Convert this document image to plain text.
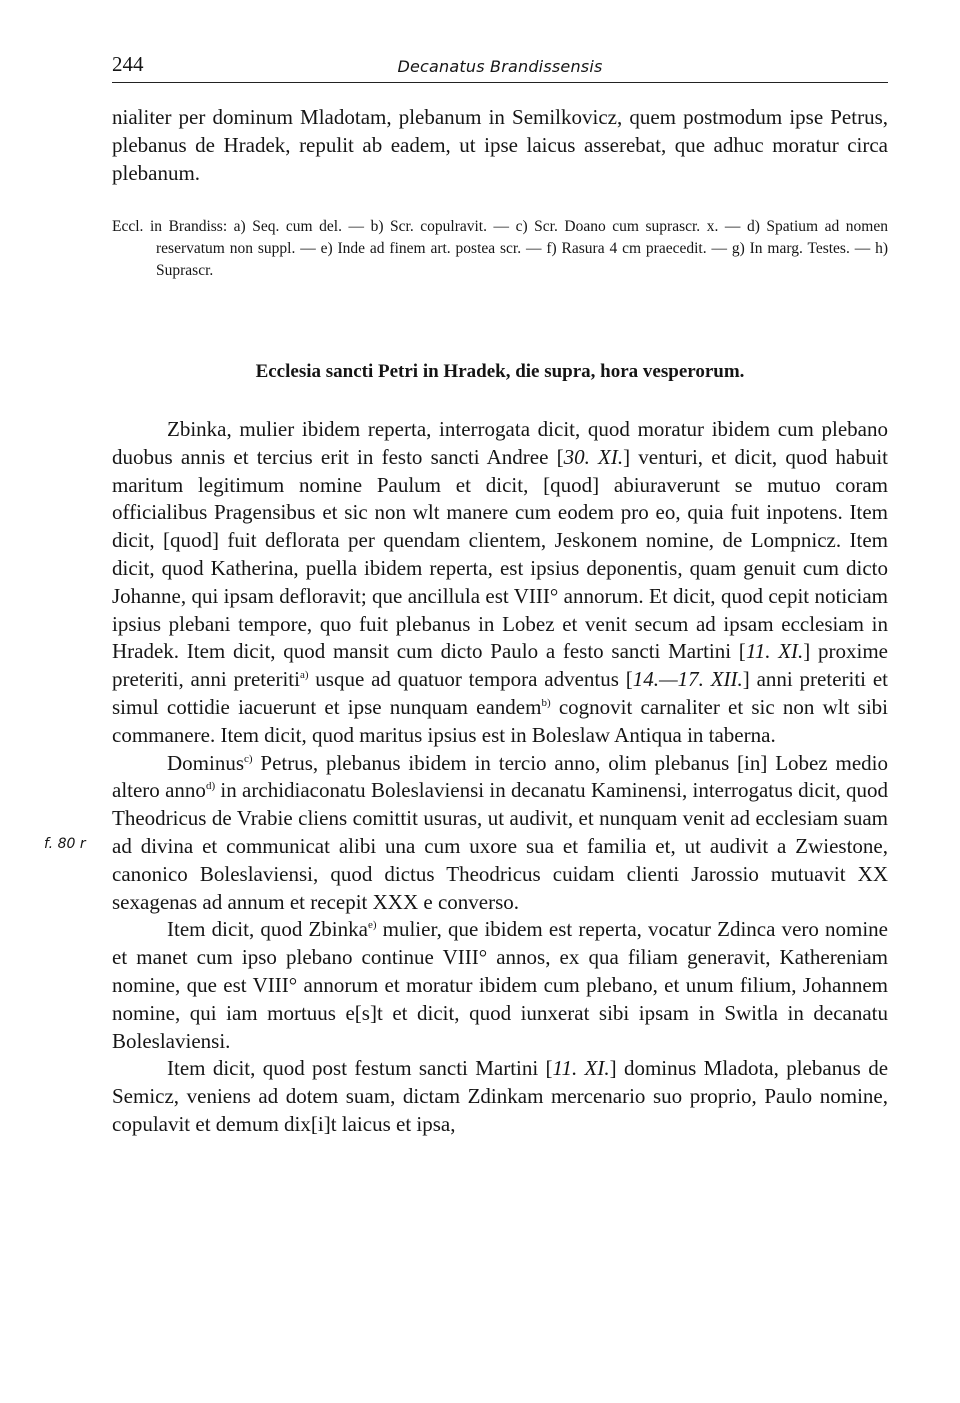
244	Decanatus Brandissensis

nialiter per dominum Mladotam, plebanum in Semilkovicz, quem postmodum ipse Petrus, plebanus de Hradek, repulit ab eadem, ut ipse laicus asserebat, que adhuc moratur circa plebanum.

Eccl. in Brandiss: a) Seq. cum del. — b) Scr. copulravit. — c) Scr. Doano cum suprascr. x. — d) Spatium ad nomen reservatum non suppl. — e) Inde ad finem art. postea scr. — f) Rasura 4 cm praecedit. — g) In marg. Testes. — h) Suprascr.

Ecclesia sancti Petri in Hradek, die supra, hora vesperorum.
f. 80 r

Zbinka, mulier ibidem reperta, interrogata dicit, quod moratur ibidem cum plebano duobus annis et tercius erit in festo sancti Andree [30. XI.] venturi, et dicit, quod habuit maritum legitimum nomine Paulum et dicit, [quod] abiuraverunt se mutuo coram officialibus Pragensibus et sic non wlt manere cum eodem pro eo, quia fuit inpotens. Item dicit, [quod] fuit deflorata per quendam clientem, Jeskonem nomine, de Lompnicz. Item dicit, quod Katherina, puella ibidem reperta, est ipsius deponentis, quam genuit cum dicto Johanne, qui ipsam defloravit; que ancillula est VIII° annorum. Et dicit, quod cepit noticiam ipsius plebani tempore, quo fuit plebanus in Lobez et venit secum ad ipsam ecclesiam in Hradek. Item dicit, quod mansit cum dicto Paulo a festo sancti Martini [11. XI.] proxime preteriti, anni preteriti$^{a)}$ usque ad quatuor tempora adventus [14.—17. XII.] anni preteriti et simul cottidie iacuerunt et ipse nunquam eandem$^{b)}$ cognovit carnaliter et sic non wlt sibi commanere. Item dicit, quod maritus ipsius est in Boleslaw Antiqua in taberna.

Dominus$^{c)}$ Petrus, plebanus ibidem in tercio anno, olim plebanus [in] Lobez medio altero anno$^{d)}$ in archidiaconatu Boleslaviensi in decanatu Kaminensi, interrogatus dicit, quod Theodricus de Vrabie cliens comittit usuras, ut audivit, et nunquam venit ad ecclesiam suam ad divina et communicat alibi una cum uxore sua et familia et, ut audivit a Zwiestone, canonico Boleslaviensi, quod dictus Theodricus cuidam clienti Jarossio mutuavit XX sexagenas ad annum et recepit XXX e converso.

Item dicit, quod Zbinka$^{e)}$ mulier, que ibidem est reperta, vocatur Zdinca vero nomine et manet cum ipso plebano continue VIII° annos, ex qua filiam generavit, Kathereniam nomine, que est VIII° annorum et moratur ibidem cum plebano, et unum filium, Johannem nomine, qui iam mortuus e[s]t et dicit, quod iunxerat sibi ipsam in Switla in decanatu Boleslaviensi.

Item dicit, quod post festum sancti Martini [11. XI.] dominus Mladota, plebanus de Semicz, veniens ad dotem suam, dictam Zdinkam mercenario suo proprio, Paulo nomine, copulavit et demum dix[i]t laicus et ipsa,
